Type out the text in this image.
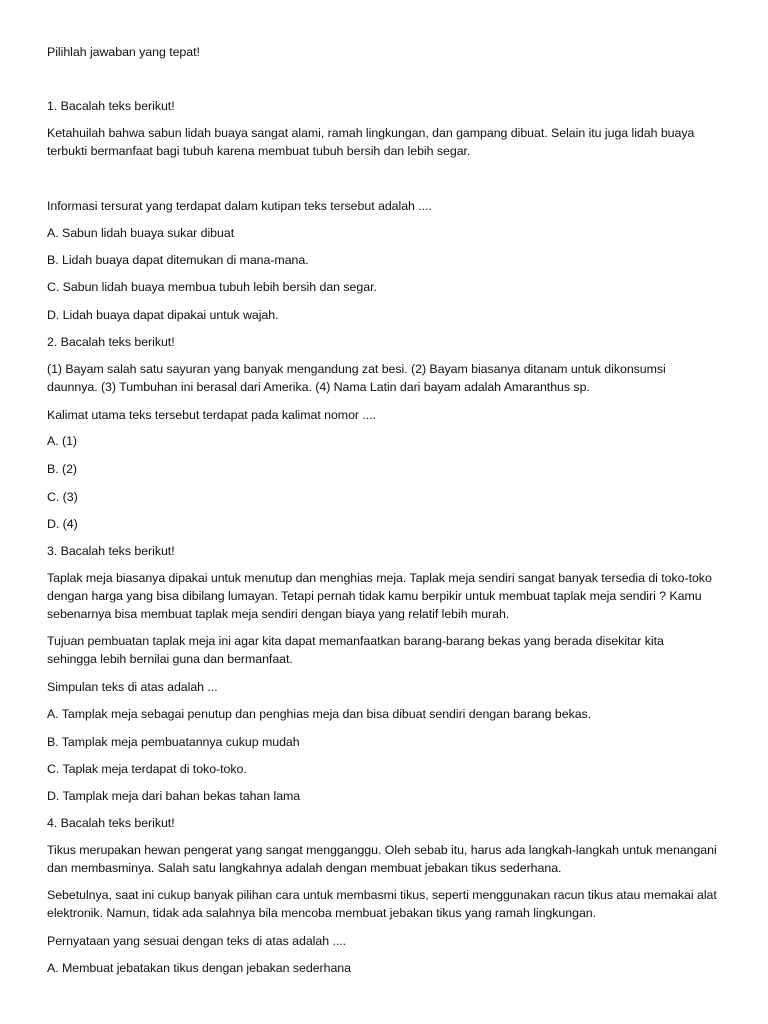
Pilihlah jawaban yang tepat!

1. Bacalah teks berikut!

Ketahuilah bahwa sabun lidah buaya sangat alami, ramah lingkungan, dan gampang dibuat. Selain itu juga lidah buaya terbukti bermanfaat bagi tubuh karena membuat tubuh bersih dan lebih segar.

Informasi tersurat yang terdapat dalam kutipan teks tersebut adalah ....

A. Sabun lidah buaya sukar dibuat

B. Lidah buaya dapat ditemukan di mana-mana.

C. Sabun lidah buaya membua tubuh lebih bersih dan segar.

D. Lidah buaya dapat dipakai untuk wajah.

2. Bacalah teks berikut!

(1) Bayam salah satu sayuran yang banyak mengandung zat besi. (2) Bayam biasanya ditanam untuk dikonsumsi daunnya. (3) Tumbuhan ini berasal dari Amerika. (4) Nama Latin dari bayam adalah Amaranthus sp.

Kalimat utama teks tersebut terdapat pada kalimat nomor ....

A. (1)

B. (2)

C. (3)

D. (4)

3. Bacalah teks berikut!

Taplak meja biasanya dipakai untuk menutup dan menghias meja. Taplak meja sendiri sangat banyak tersedia di toko-toko dengan harga yang bisa dibilang lumayan. Tetapi pernah tidak kamu berpikir untuk membuat taplak meja sendiri ? Kamu sebenarnya bisa membuat taplak meja sendiri dengan biaya yang relatif lebih murah.

Tujuan pembuatan taplak meja ini agar kita dapat memanfaatkan barang-barang bekas yang berada disekitar kita sehingga lebih bernilai guna dan bermanfaat.

Simpulan teks di atas adalah ...

A. Tamplak meja sebagai penutup dan penghias meja dan bisa dibuat sendiri dengan barang bekas.

B. Tamplak meja pembuatannya cukup mudah

C. Taplak meja terdapat di toko-toko.

D. Tamplak meja dari bahan bekas tahan lama

4. Bacalah teks berikut!

Tikus merupakan hewan pengerat yang sangat mengganggu. Oleh sebab itu, harus ada langkah-langkah untuk menangani dan membasminya. Salah satu langkahnya adalah dengan membuat jebakan tikus sederhana.

Sebetulnya, saat ini cukup banyak pilihan cara untuk membasmi tikus, seperti menggunakan racun tikus atau memakai alat elektronik. Namun, tidak ada salahnya bila mencoba membuat jebakan tikus yang ramah lingkungan.

Pernyataan yang sesuai dengan teks di atas adalah ....

A. Membuat jebatakan tikus dengan jebakan sederhana
